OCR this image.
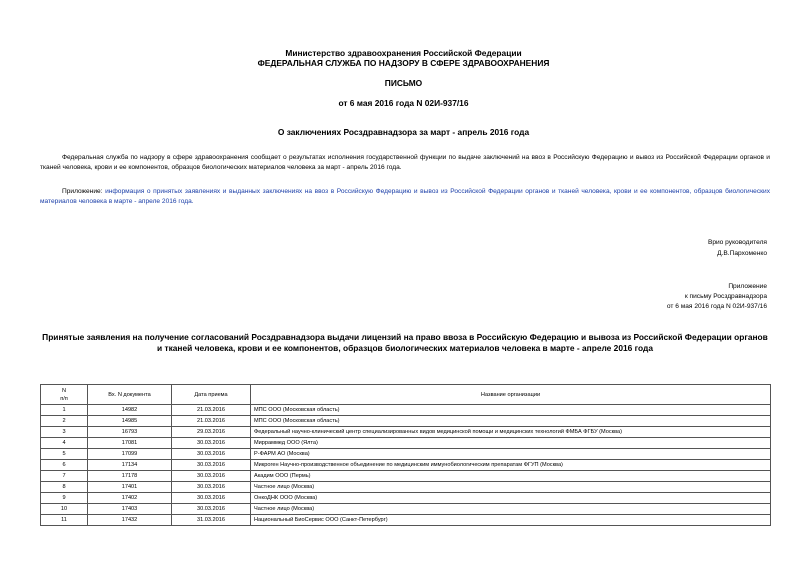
Министерство здравоохранения Российской Федерации
ФЕДЕРАЛЬНАЯ СЛУЖБА ПО НАДЗОРУ В СФЕРЕ ЗДРАВООХРАНЕНИЯ
ПИСЬМО
от 6 мая 2016 года N 02И-937/16
О заключениях Росздравнадзора за март - апрель 2016 года
Федеральная служба по надзору в сфере здравоохранения сообщает о результатах исполнения государственной функции по выдаче заключений на ввоз в Российскую Федерацию и вывоз из Российской Федерации органов и тканей человека, крови и ее компонентов, образцов биологических материалов человека за март - апрель 2016 года.
Приложение: информация о принятых заявлениях и выданных заключениях на ввоз в Российскую Федерацию и вывоз из Российской Федерации органов и тканей человека, крови и ее компонентов, образцов биологических материалов человека в марте - апреле 2016 года.
Врио руководителя
Д.В.Пархоменко
Приложение
к письму Росздравнадзора
от 6 мая 2016 года N 02И-937/16
Принятые заявления на получение согласований Росздравнадзора выдачи лицензий на право ввоза в Российскую Федерацию и вывоза из Российской Федерации органов и тканей человека, крови и ее компонентов, образцов биологических материалов человека в марте - апреле 2016 года
N
п/п	Вх. N документа	Дата приема	Название организации
1	14982	21.03.2016	МПС ООО (Московская область)
2	14985	21.03.2016	МПС ООО (Московская область)
3	16793	29.03.2016	Федеральный научно-клинический центр специализированных видов медицинской помощи и медицинских технологий ФМБА ФГБУ (Москва)
4	17081	30.03.2016	Мирраммед ООО (Ялта)
5	17099	30.03.2016	Р-ФАРМ АО (Москва)
6	17134	30.03.2016	Микроген Научно-производственное объединение по медицинским иммунобиологическим препаратам ФГУП (Москва)
7	17178	30.03.2016	Акадим ООО (Пермь)
8	17401	30.03.2016	Частное лицо (Москва)
9	17402	30.03.2016	ОнкоДНК ООО (Москва)
10	17403	30.03.2016	Частное лицо (Москва)
11	17432	31.03.2016	Национальный БиоСервис ООО (Санкт-Петербург)
